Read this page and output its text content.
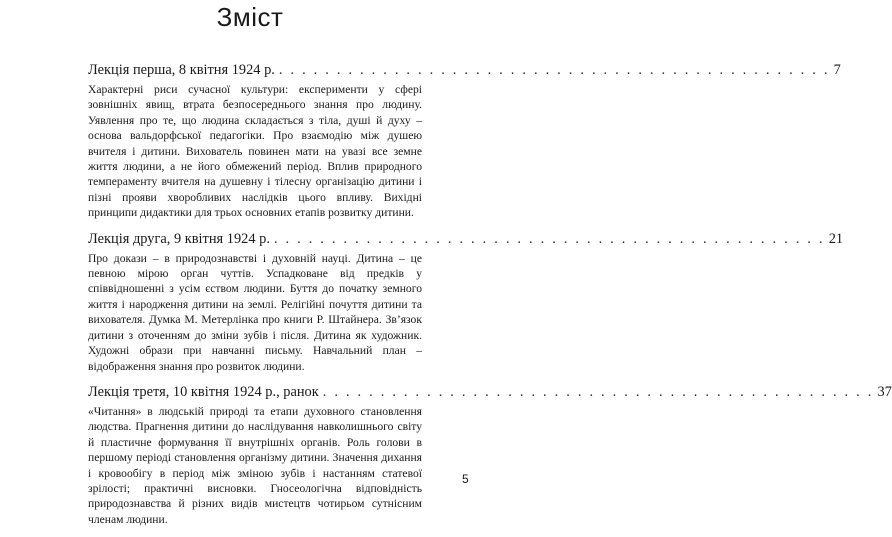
Зміст
Лекція перша, 8 квітня 1924 р. . . . . . . . . . . . . . . . . . . . . . . . . . . . . . . . . . . . . . . . . . . . . . . . . 7

Характерні риси сучасної культури: експерименти у сфері зовнішніх явищ, втрата безпосереднього знання про людину. Уявлення про те, що людина складається з тіла, душі й духу – основа вальдорфської педагогіки. Про взаємодію між душею вчителя і дитини. Вихователь повинен мати на увазі все земне життя людини, а не його обмежений період. Вплив природного темпераменту вчителя на душевну і тілесну організацію дитини і пізні прояви хворобливих наслідків цього впливу. Вихідні принципи дидактики для трьох основних етапів розвитку дитини.

Лекція друга, 9 квітня 1924 р. . . . . . . . . . . . . . . . . . . . . . . . . . . . . . . . . . . . . . . . . . . . . . . . . 21

Про докази – в природознавстві і духовній науці. Дитина – це певною мірою орган чуттів. Успадковане від предків у співвідношенні з усім єством людини. Буття до початку земного життя і народження дитини на землі. Релігійні почуття дитини та вихователя. Думка М. Метерлінка про книги Р. Штайнера. Зв’язок дитини з оточенням до зміни зубів і після. Дитина як художник. Художні образи при навчанні письму. Навчальний план – відображення знання про розвиток людини.

Лекція третя, 10 квітня 1924 р., ранок . . . . . . . . . . . . . . . . . . . . . . . . . . . . . . . . . . . . . . . . . . . . . . . . 37

«Читання» в людській природі та етапи духовного становлення людства. Прагнення дитини до наслідування навколишнього світу й пластичне формування її внутрішніх органів. Роль голови в першому періоді становлення організму дитини. Значення дихання і кровообігу в період між зміною зубів і настанням статевої зрілості; практичні висновки. Гносеологічна відповідність природознавства й різних видів мистецтв чотирьом сутнісним членам людини.

5
